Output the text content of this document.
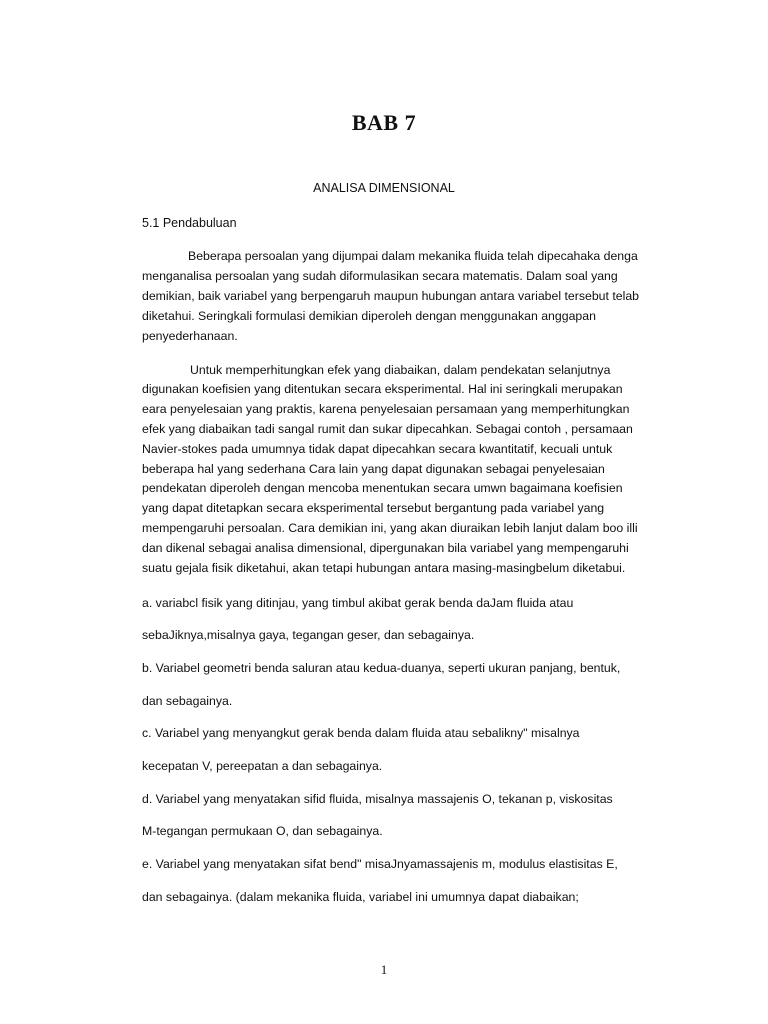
BAB 7
ANALISA DIMENSIONAL
5.1 Pendabuluan
Beberapa persoalan yang dijumpai dalam mekanika fluida telah dipecahaka denga
menganalisa persoalan yang sudah diformulasikan secara matematis. Dalam soal yang
demikian, baik variabel yang berpengaruh maupun hubungan antara variabel tersebut telab
diketahui. Seringkali formulasi demikian diperoleh dengan menggunakan anggapan
penyederhanaan.
Untuk memperhitungkan efek yang diabaikan, dalam pendekatan selanjutnya
digunakan koefisien yang ditentukan secara eksperimental. Hal ini seringkali merupakan
eara penyelesaian yang praktis, karena penyelesaian persamaan yang memperhitungkan
efek yang diabaikan tadi sangal rumit dan sukar dipecahkan. Sebagai contoh , persamaan
Navier-stokes pada umumnya tidak dapat dipecahkan secara kwantitatif, kecuali untuk
beberapa hal yang sederhana Cara lain yang dapat digunakan sebagai penyelesaian
pendekatan diperoleh dengan mencoba menentukan secara umwn bagaimana koefisien
yang dapat ditetapkan secara eksperimental tersebut bergantung pada variabel yang
mempengaruhi persoalan. Cara demikian ini, yang akan diuraikan lebih lanjut dalam boo illi
dan dikenal sebagai analisa dimensional, dipergunakan bila variabel yang mempengaruhi
suatu gejala fisik diketahui, akan tetapi hubungan antara masing-masingbelum diketabui.
a. variabcl fisik yang ditinjau, yang timbul akibat gerak benda daJam fluida atau
sebaJiknya,misalnya gaya, tegangan geser, dan sebagainya.
b. Variabel geometri benda saluran atau kedua-duanya, seperti ukuran panjang, bentuk,
dan sebagainya.
c. Variabel yang menyangkut gerak benda dalam fluida atau sebalikny" misalnya
kecepatan V, pereepatan a dan sebagainya.
d. Variabel yang menyatakan sifid fluida, misalnya massajenis O, tekanan p, viskositas
M-tegangan permukaan O, dan sebagainya.
e. Variabel yang menyatakan sifat bend" misaJnyamassajenis m, modulus elastisitas E,
dan sebagainya. (dalam mekanika fluida, variabel ini umumnya dapat diabaikan;
1
